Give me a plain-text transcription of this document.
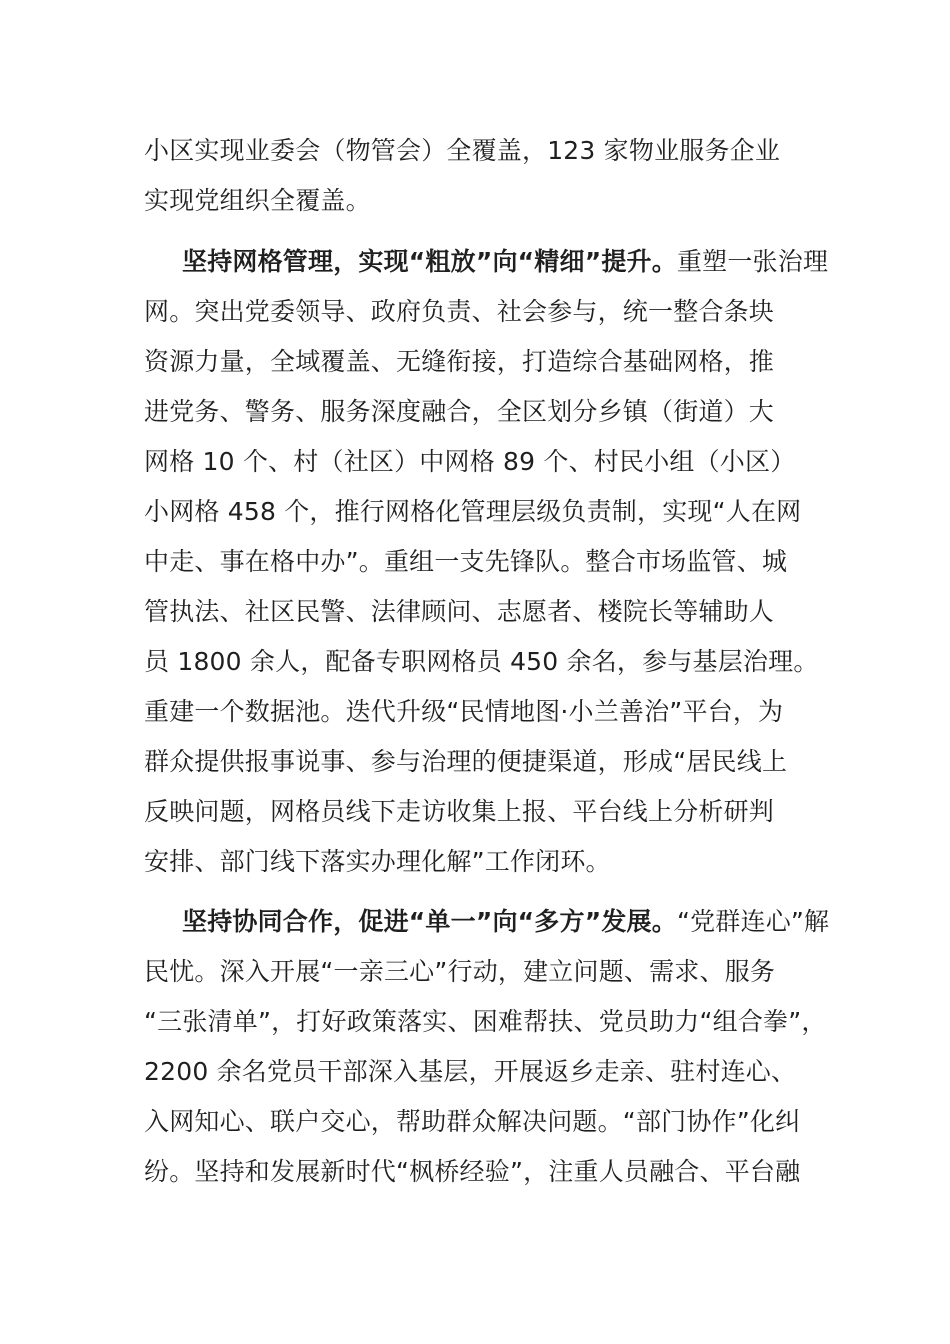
小区实现业委会（物管会）全覆盖，123 家物业服务企业
实现党组织全覆盖。
坚持网格管理，实现“粗放”向“精细”提升。重塑一张治理
网。突出党委领导、政府负责、社会参与，统一整合条块
资源力量，全域覆盖、无缝衔接，打造综合基础网格，推
进党务、警务、服务深度融合，全区划分乡镇（街道）大
网格 10 个、村（社区）中网格 89 个、村民小组（小区）
小网格 458 个，推行网格化管理层级负责制，实现“人在网
中走、事在格中办”。重组一支先锋队。整合市场监管、城
管执法、社区民警、法律顾问、志愿者、楼院长等辅助人
员 1800 余人，配备专职网格员 450 余名，参与基层治理。
重建一个数据池。迭代升级“民情地图·小兰善治”平台，为
群众提供报事说事、参与治理的便捷渠道，形成“居民线上
反映问题，网格员线下走访收集上报、平台线上分析研判
安排、部门线下落实办理化解”工作闭环。
坚持协同合作，促进“单一”向“多方”发展。“党群连心”解
民忧。深入开展“一亲三心”行动，建立问题、需求、服务
“三张清单”，打好政策落实、困难帮扶、党员助力“组合拳”，
2200 余名党员干部深入基层，开展返乡走亲、驻村连心、
入网知心、联户交心，帮助群众解决问题。“部门协作”化纠
纷。坚持和发展新时代“枫桥经验”，注重人员融合、平台融
